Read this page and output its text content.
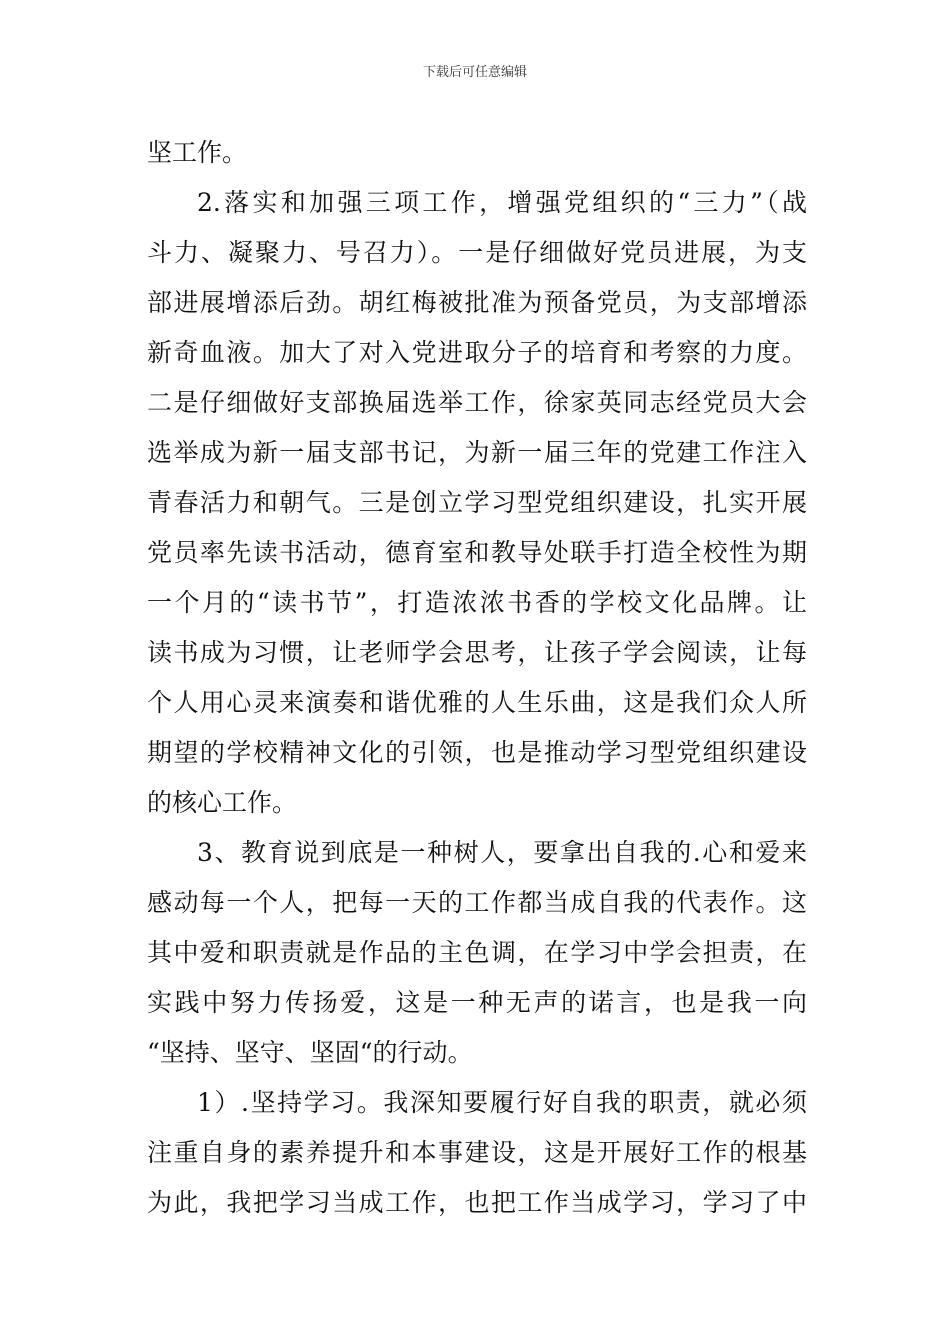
下载后可任意编辑
坚工作。
2.落实和加强三项工作，增强党组织的“三力”（战
斗力、凝聚力、号召力）。一是仔细做好党员进展，为支
部进展增添后劲。胡红梅被批准为预备党员，为支部增添
新奇血液。加大了对入党进取分子的培育和考察的力度。
二是仔细做好支部换届选举工作，徐家英同志经党员大会
选举成为新一届支部书记，为新一届三年的党建工作注入
青春活力和朝气。三是创立学习型党组织建设，扎实开展
党员率先读书活动，德育室和教导处联手打造全校性为期
一个月的“读书节”，打造浓浓书香的学校文化品牌。让
读书成为习惯，让老师学会思考，让孩子学会阅读，让每
个人用心灵来演奏和谐优雅的人生乐曲，这是我们众人所
期望的学校精神文化的引领，也是推动学习型党组织建设
的核心工作。
3、教育说到底是一种树人，要拿出自我的.心和爱来
感动每一个人，把每一天的工作都当成自我的代表作。这
其中爱和职责就是作品的主色调，在学习中学会担责，在
实践中努力传扬爱，这是一种无声的诺言，也是我一向
“坚持、坚守、坚固“的行动。
1）.坚持学习。我深知要履行好自我的职责，就必须
注重自身的素养提升和本事建设，这是开展好工作的根基
为此，我把学习当成工作，也把工作当成学习，学习了中
